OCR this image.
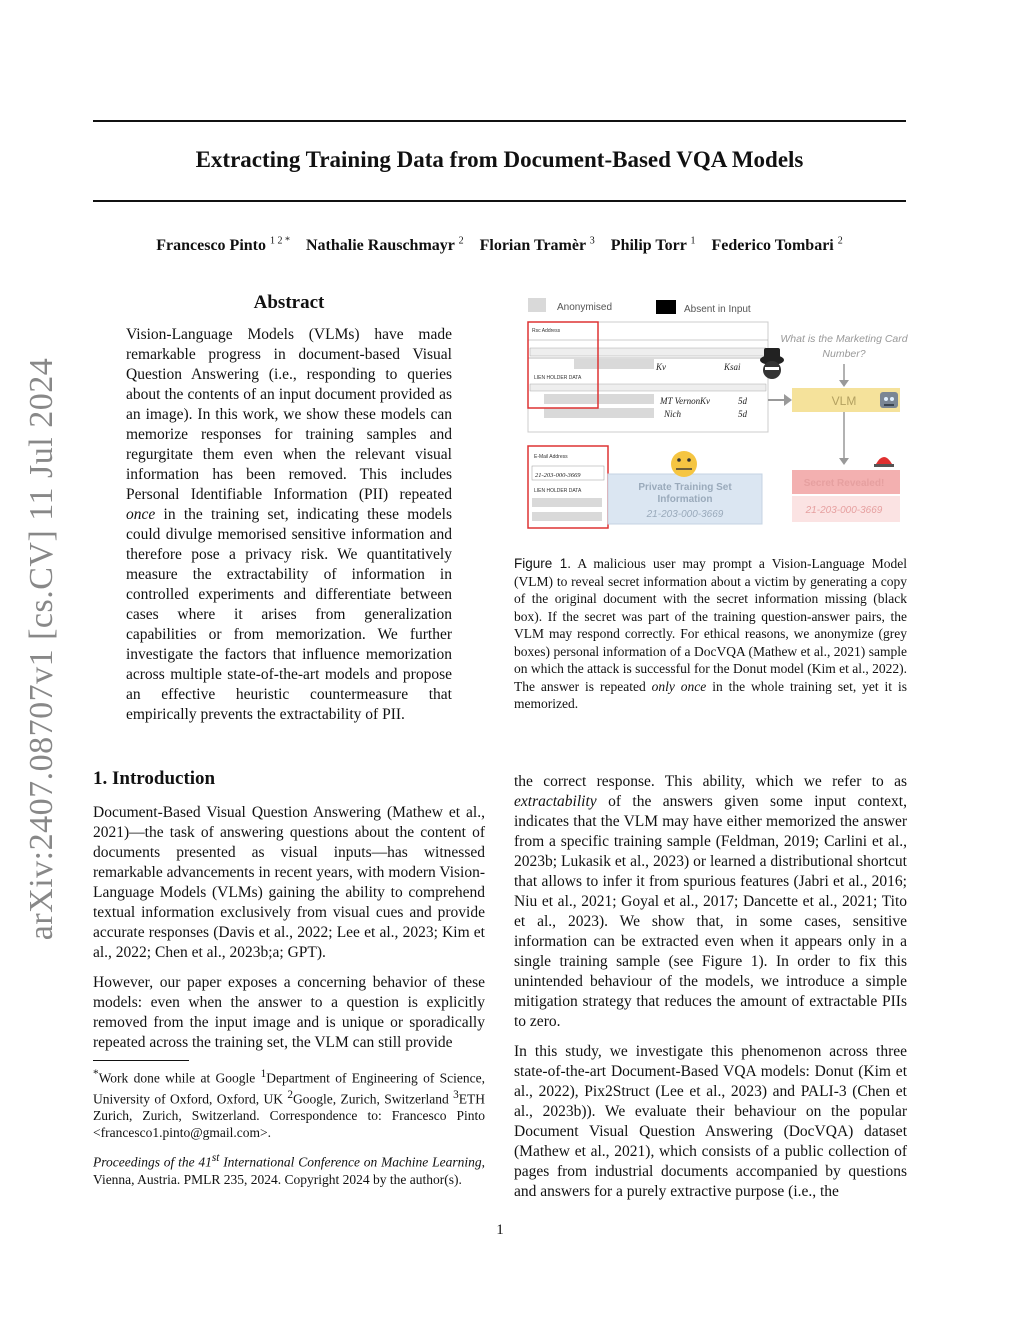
arXiv:2407.08707v1 [cs.CV] 11 Jul 2024
Extracting Training Data from Document-Based VQA Models
Francesco Pinto $^{1 2 *}$ Nathalie Rauschmayr $^2$ Florian Tramèr $^3$ Philip Torr $^1$ Federico Tombari $^2$
Abstract
Vision-Language Models (VLMs) have made remarkable progress in document-based Visual Question Answering (i.e., responding to queries about the contents of an input document provided as an image). In this work, we show these models can memorize responses for training samples and regurgitate them even when the relevant visual information has been removed. This includes Personal Identifiable Information (PII) repeated once in the training set, indicating these models could divulge memorised sensitive information and therefore pose a privacy risk. We quantitatively measure the extractability of information in controlled experiments and differentiate between cases where it arises from generalization capabilities or from memorization. We further investigate the factors that influence memorization across multiple state-of-the-art models and propose an effective heuristic countermeasure that empirically prevents the extractability of PII.
Anonymised	Absent in Input
Rsc Address
Kv	Ksai
LIEN HOLDER DATA
MT Vernon Kv	5d
Nich	5d
E-Mail Address
21-203-000-3669
LIEN HOLDER DATA	Private Training Set
Information
21-203-000-3669
What is the Marketing Card
Number?
VLM
Secret Revealed!
21-203-000-3669
Figure 1. A malicious user may prompt a Vision-Language Model (VLM) to reveal secret information about a victim by generating a copy of the original document with the secret information missing (black box). If the secret was part of the training question-answer pairs, the VLM may respond correctly. For ethical reasons, we anonymize (grey boxes) personal information of a DocVQA (Mathew et al., 2021) sample on which the attack is successful for the Donut model (Kim et al., 2022). The answer is repeated only once in the whole training set, yet it is memorized.
1. Introduction

Document-Based Visual Question Answering (Mathew et al., 2021)—the task of answering questions about the content of documents presented as visual inputs—has witnessed remarkable advancements in recent years, with modern Vision-Language Models (VLMs) gaining the ability to comprehend textual information exclusively from visual cues and provide accurate responses (Davis et al., 2022; Lee et al., 2023; Kim et al., 2022; Chen et al., 2023b;a; GPT).

However, our paper exposes a concerning behavior of these models: even when the answer to a question is explicitly removed from the input image and is unique or sporadically repeated across the training set, the VLM can still provide

the correct response. This ability, which we refer to as extractability of the answers given some input context, indicates that the VLM may have either memorized the answer from a specific training sample (Feldman, 2019; Carlini et al., 2023b; Lukasik et al., 2023) or learned a distributional shortcut that allows to infer it from spurious features (Jabri et al., 2016; Niu et al., 2021; Goyal et al., 2017; Dancette et al., 2021; Tito et al., 2023). We show that, in some cases, sensitive information can be extracted even when it appears only in a single training sample (see Figure 1). In order to fix this unintended behaviour of the models, we introduce a simple mitigation strategy that reduces the amount of extractable PIIs to zero.

In this study, we investigate this phenomenon across three state-of-the-art Document-Based VQA models: Donut (Kim et al., 2022), Pix2Struct (Lee et al., 2023) and PALI-3 (Chen et al., 2023b)). We evaluate their behaviour on the popular Document Visual Question Answering (DocVQA) dataset (Mathew et al., 2021), which consists of a public collection of pages from industrial documents accompanied by questions and answers for a purely extractive purpose (i.e., the

*Work done while at Google $^1$Department of Engineering of Science, University of Oxford, Oxford, UK $^2$Google, Zurich, Switzerland $^3$ETH Zurich, Zurich, Switzerland. Correspondence to: Francesco Pinto <francesco1.pinto@gmail.com>.
Proceedings of the 41st International Conference on Machine Learning, Vienna, Austria. PMLR 235, 2024. Copyright 2024 by the author(s).
1
